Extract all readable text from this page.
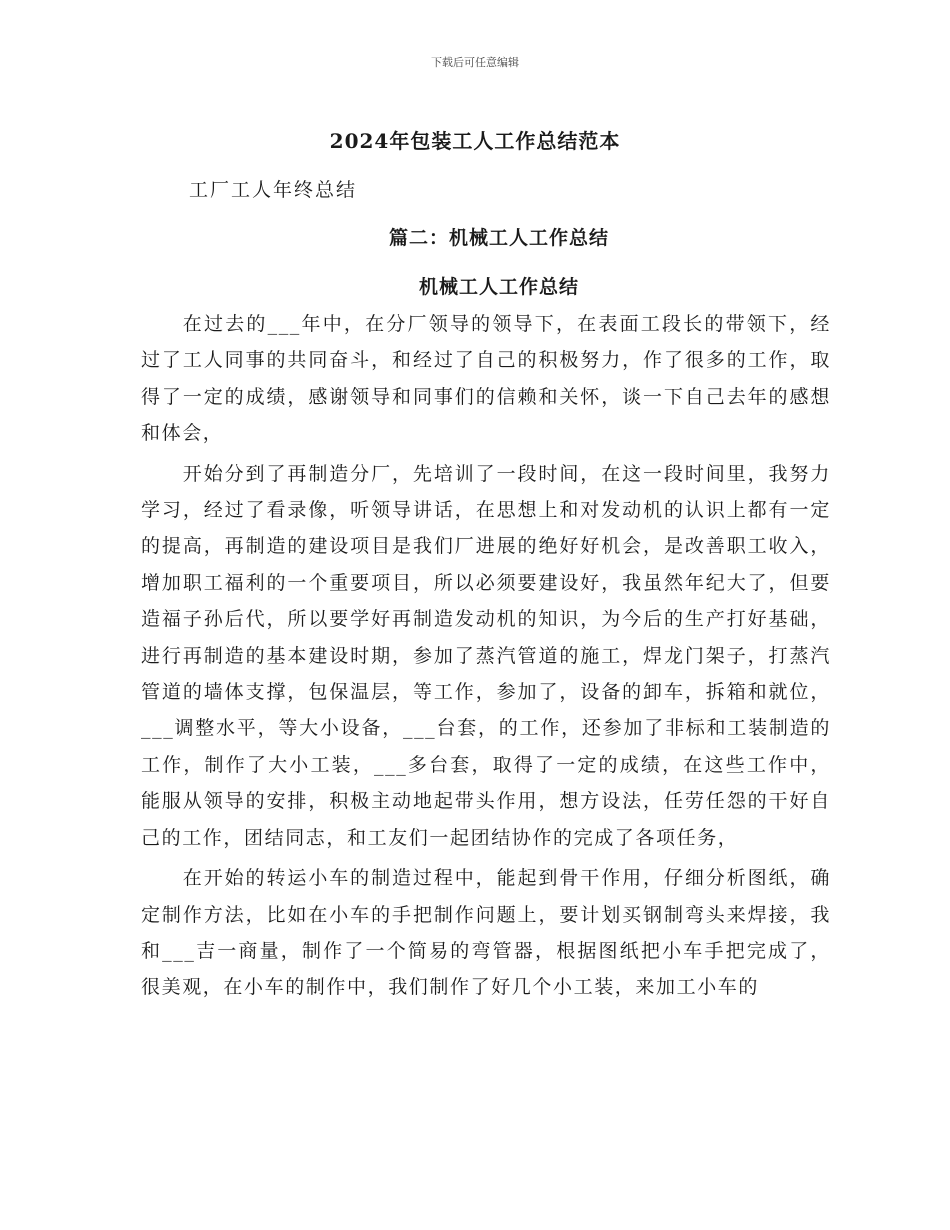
下载后可任意编辑
2024年包装工人工作总结范本
工厂工人年终总结
篇二：机械工人工作总结
机械工人工作总结

在过去的___年中，在分厂领导的领导下，在表面工段长的带领下，经过了工人同事的共同奋斗，和经过了自己的积极努力，作了很多的工作，取得了一定的成绩，感谢领导和同事们的信赖和关怀，谈一下自己去年的感想和体会，

开始分到了再制造分厂，先培训了一段时间，在这一段时间里，我努力学习，经过了看录像，听领导讲话，在思想上和对发动机的认识上都有一定的提高，再制造的建设项目是我们厂进展的绝好好机会，是改善职工收入，增加职工福利的一个重要项目，所以必须要建设好，我虽然年纪大了，但要造福子孙后代，所以要学好再制造发动机的知识，为今后的生产打好基础，进行再制造的基本建设时期，参加了蒸汽管道的施工，焊龙门架子，打蒸汽管道的墙体支撑，包保温层，等工作，参加了，设备的卸车，拆箱和就位，___调整水平，等大小设备，___台套，的工作，还参加了非标和工装制造的工作，制作了大小工装，___多台套，取得了一定的成绩，在这些工作中，能服从领导的安排，积极主动地起带头作用，想方设法，任劳任怨的干好自己的工作，团结同志，和工友们一起团结协作的完成了各项任务，

在开始的转运小车的制造过程中，能起到骨干作用，仔细分析图纸，确定制作方法，比如在小车的手把制作问题上，要计划买钢制弯头来焊接，我和___吉一商量，制作了一个简易的弯管器，根据图纸把小车手把完成了，很美观，在小车的制作中，我们制作了好几个小工装，来加工小车的
